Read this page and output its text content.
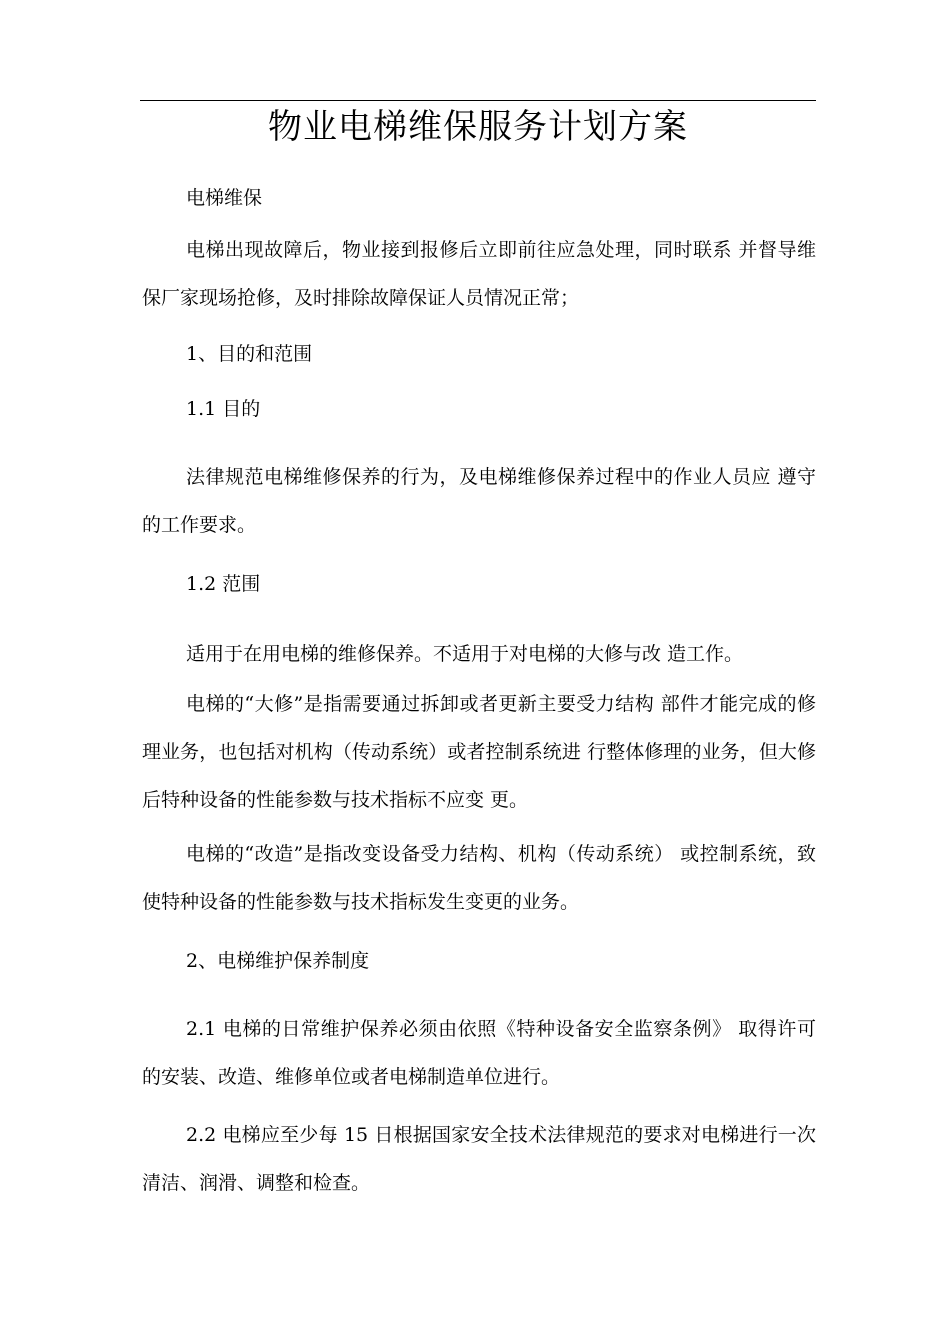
物业电梯维保服务计划方案

电梯维保

电梯出现故障后，物业接到报修后立即前往应急处理，同时联系 并督导维保厂家现场抢修，及时排除故障保证人员情况正常；

1、目的和范围

1.1 目的

法律规范电梯维修保养的行为，及电梯维修保养过程中的作业人员应 遵守的工作要求。

1.2 范围

适用于在用电梯的维修保养。不适用于对电梯的大修与改 造工作。

电梯的“大修”是指需要通过拆卸或者更新主要受力结构 部件才能完成的修理业务，也包括对机构（传动系统）或者控制系统进 行整体修理的业务，但大修后特种设备的性能参数与技术指标不应变 更。

电梯的“改造”是指改变设备受力结构、机构（传动系统） 或控制系统，致使特种设备的性能参数与技术指标发生变更的业务。

2、电梯维护保养制度

2.1 电梯的日常维护保养必须由依照《特种设备安全监察条例》 取得许可的安装、改造、维修单位或者电梯制造单位进行。

2.2 电梯应至少每 15 日根据国家安全技术法律规范的要求对电梯进行一次清洁、润滑、调整和检查。
